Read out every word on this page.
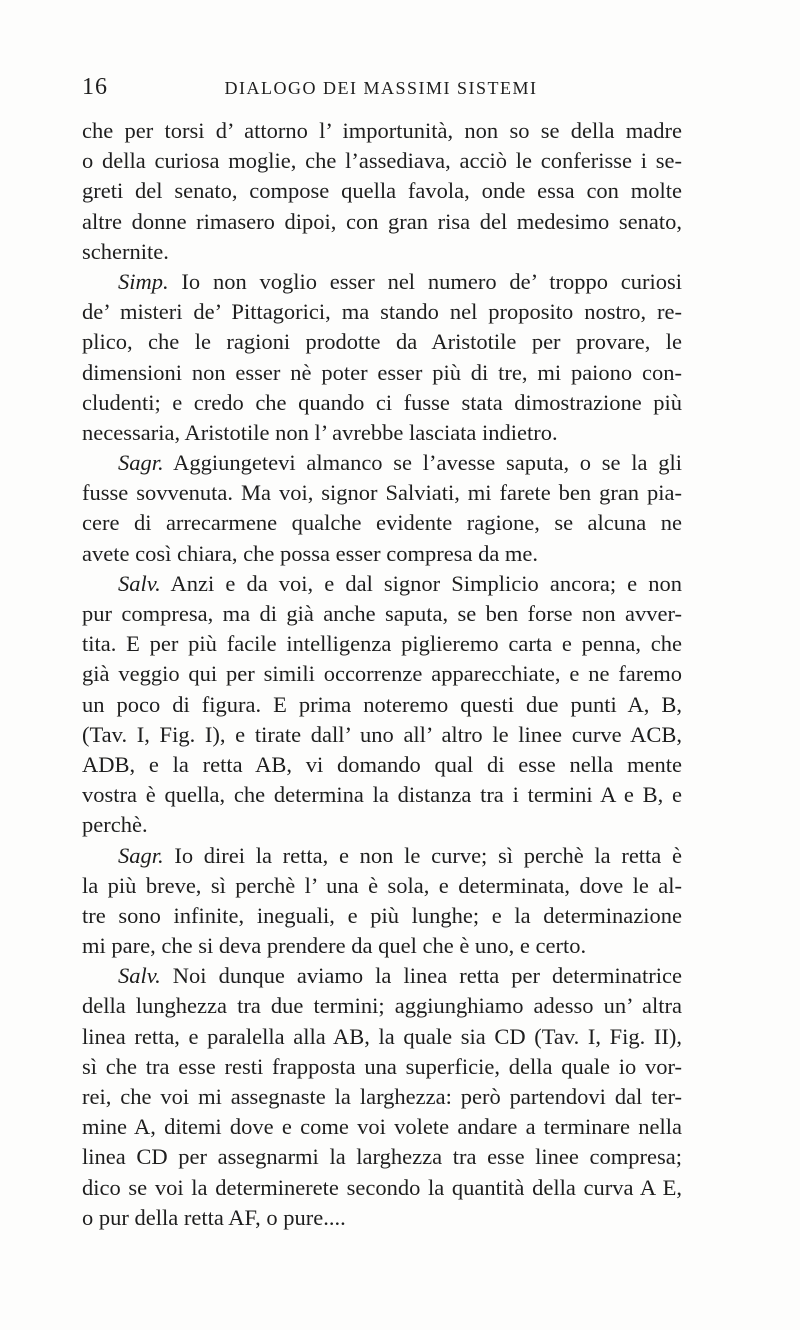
16	DIALOGO DEI MASSIMI SISTEMI
che per torsi d’ attorno l’ importunità, non so se della madre
o della curiosa moglie, che l’assediava, acciò le conferisse i se-
greti del senato, compose quella favola, onde essa con molte
altre donne rimasero dipoi, con gran risa del medesimo senato,
schernite.
Simp. Io non voglio esser nel numero de’ troppo curiosi
de’ misteri de’ Pittagorici, ma stando nel proposito nostro, re-
plico, che le ragioni prodotte da Aristotile per provare, le
dimensioni non esser nè poter esser più di tre, mi paiono con-
cludenti; e credo che quando ci fusse stata dimostrazione più
necessaria, Aristotile non l’ avrebbe lasciata indietro.
Sagr. Aggiungetevi almanco se l’avesse saputa, o se la gli
fusse sovvenuta. Ma voi, signor Salviati, mi farete ben gran pia-
cere di arrecarmene qualche evidente ragione, se alcuna ne
avete così chiara, che possa esser compresa da me.
Salv. Anzi e da voi, e dal signor Simplicio ancora; e non
pur compresa, ma di già anche saputa, se ben forse non avver-
tita. E per più facile intelligenza piglieremo carta e penna, che
già veggio qui per simili occorrenze apparecchiate, e ne faremo
un poco di figura. E prima noteremo questi due punti A, B,
(Tav. I, Fig. I), e tirate dall’ uno all’ altro le linee curve ACB,
ADB, e la retta AB, vi domando qual di esse nella mente
vostra è quella, che determina la distanza tra i termini A e B, e
perchè.
Sagr. Io direi la retta, e non le curve; sì perchè la retta è
la più breve, sì perchè l’ una è sola, e determinata, dove le al-
tre sono infinite, ineguali, e più lunghe; e la determinazione
mi pare, che si deva prendere da quel che è uno, e certo.
Salv. Noi dunque aviamo la linea retta per determinatrice
della lunghezza tra due termini; aggiunghiamo adesso un’ altra
linea retta, e paralella alla AB, la quale sia CD (Tav. I, Fig. II),
sì che tra esse resti frapposta una superficie, della quale io vor-
rei, che voi mi assegnaste la larghezza: però partendovi dal ter-
mine A, ditemi dove e come voi volete andare a terminare nella
linea CD per assegnarmi la larghezza tra esse linee compresa;
dico se voi la determinerete secondo la quantità della curva A E,
o pur della retta AF, o pure....
